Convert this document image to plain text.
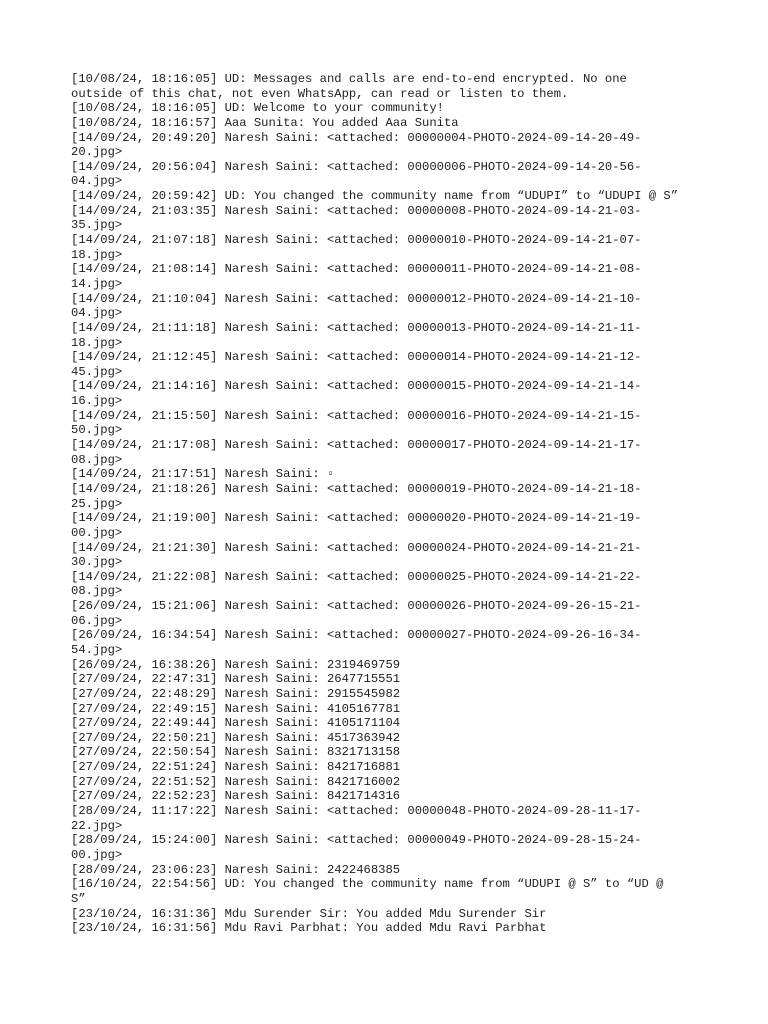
[10/08/24, 18:16:05] UD: Messages and calls are end-to-end encrypted. No one
outside of this chat, not even WhatsApp, can read or listen to them.
[10/08/24, 18:16:05] UD: Welcome to your community!
[10/08/24, 18:16:57] Aaa Sunita: You added Aaa Sunita
[14/09/24, 20:49:20] Naresh Saini: <attached: 00000004-PHOTO-2024-09-14-20-49-
20.jpg>
[14/09/24, 20:56:04] Naresh Saini: <attached: 00000006-PHOTO-2024-09-14-20-56-
04.jpg>
[14/09/24, 20:59:42] UD: You changed the community name from “UDUPI” to “UDUPI @ S”
[14/09/24, 21:03:35] Naresh Saini: <attached: 00000008-PHOTO-2024-09-14-21-03-
35.jpg>
[14/09/24, 21:07:18] Naresh Saini: <attached: 00000010-PHOTO-2024-09-14-21-07-
18.jpg>
[14/09/24, 21:08:14] Naresh Saini: <attached: 00000011-PHOTO-2024-09-14-21-08-
14.jpg>
[14/09/24, 21:10:04] Naresh Saini: <attached: 00000012-PHOTO-2024-09-14-21-10-
04.jpg>
[14/09/24, 21:11:18] Naresh Saini: <attached: 00000013-PHOTO-2024-09-14-21-11-
18.jpg>
[14/09/24, 21:12:45] Naresh Saini: <attached: 00000014-PHOTO-2024-09-14-21-12-
45.jpg>
[14/09/24, 21:14:16] Naresh Saini: <attached: 00000015-PHOTO-2024-09-14-21-14-
16.jpg>
[14/09/24, 21:15:50] Naresh Saini: <attached: 00000016-PHOTO-2024-09-14-21-15-
50.jpg>
[14/09/24, 21:17:08] Naresh Saini: <attached: 00000017-PHOTO-2024-09-14-21-17-
08.jpg>
[14/09/24, 21:17:51] Naresh Saini: ▫
[14/09/24, 21:18:26] Naresh Saini: <attached: 00000019-PHOTO-2024-09-14-21-18-
25.jpg>
[14/09/24, 21:19:00] Naresh Saini: <attached: 00000020-PHOTO-2024-09-14-21-19-
00.jpg>
[14/09/24, 21:21:30] Naresh Saini: <attached: 00000024-PHOTO-2024-09-14-21-21-
30.jpg>
[14/09/24, 21:22:08] Naresh Saini: <attached: 00000025-PHOTO-2024-09-14-21-22-
08.jpg>
[26/09/24, 15:21:06] Naresh Saini: <attached: 00000026-PHOTO-2024-09-26-15-21-
06.jpg>
[26/09/24, 16:34:54] Naresh Saini: <attached: 00000027-PHOTO-2024-09-26-16-34-
54.jpg>
[26/09/24, 16:38:26] Naresh Saini: 2319469759
[27/09/24, 22:47:31] Naresh Saini: 2647715551
[27/09/24, 22:48:29] Naresh Saini: 2915545982
[27/09/24, 22:49:15] Naresh Saini: 4105167781
[27/09/24, 22:49:44] Naresh Saini: 4105171104
[27/09/24, 22:50:21] Naresh Saini: 4517363942
[27/09/24, 22:50:54] Naresh Saini: 8321713158
[27/09/24, 22:51:24] Naresh Saini: 8421716881
[27/09/24, 22:51:52] Naresh Saini: 8421716002
[27/09/24, 22:52:23] Naresh Saini: 8421714316
[28/09/24, 11:17:22] Naresh Saini: <attached: 00000048-PHOTO-2024-09-28-11-17-
22.jpg>
[28/09/24, 15:24:00] Naresh Saini: <attached: 00000049-PHOTO-2024-09-28-15-24-
00.jpg>
[28/09/24, 23:06:23] Naresh Saini: 2422468385
[16/10/24, 22:54:56] UD: You changed the community name from “UDUPI @ S” to “UD @
S”
[23/10/24, 16:31:36] Mdu Surender Sir: You added Mdu Surender Sir
[23/10/24, 16:31:56] Mdu Ravi Parbhat: You added Mdu Ravi Parbhat
